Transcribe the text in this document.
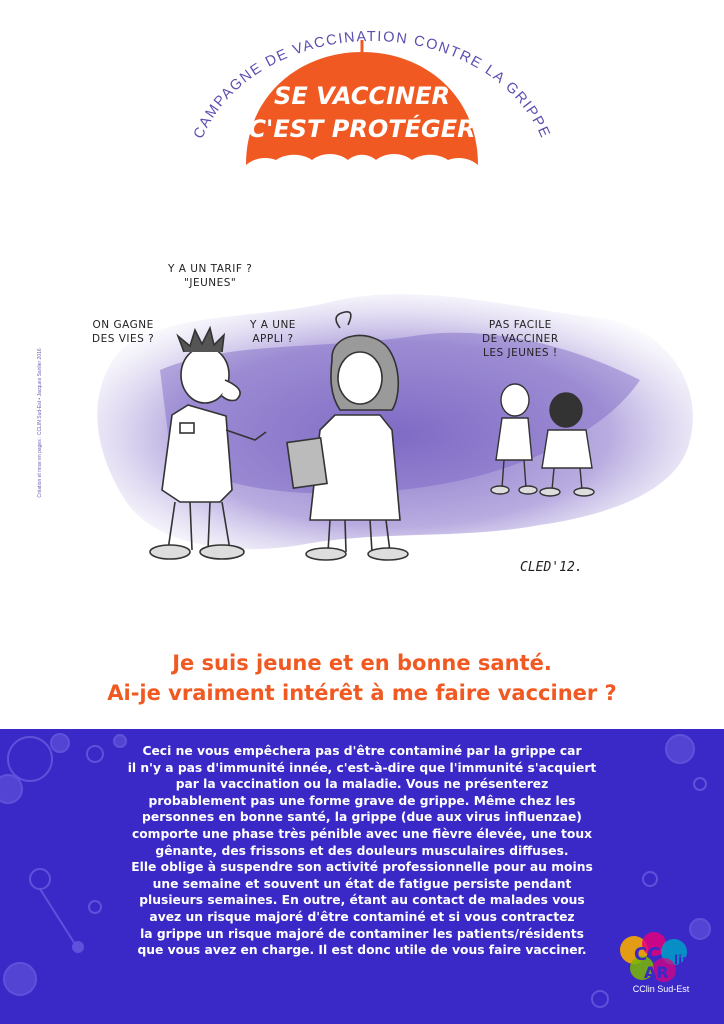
CAMPAGNE DE VACCINATION CONTRE LA GRIPPE
SE VACCINER
C'EST PROTÉGER
Création et mise en pages : CCLIN Sud-Est • Jacques Sanlier 2016
Y A UN TARIF ?
"JEUNES"
ON GAGNE
DES VIES ?
Y A UNE
APPLI ?
PAS FACILE
DE VACCINER
LES JEUNES !
CLED'12.
Je suis jeune et en bonne santé.
Ai-je vraiment intérêt à me faire vacciner ?
Ceci ne vous empêchera pas d'être contaminé par la grippe car
il n'y a pas d'immunité innée, c'est-à-dire que l'immunité s'acquiert
par la vaccination ou la maladie. Vous ne présenterez
probablement pas une forme grave de grippe. Même chez les
personnes en bonne santé, la grippe (due aux virus influenzae)
comporte une phase très pénible avec une fièvre élevée, une toux
gênante, des frissons et des douleurs musculaires diffuses.
Elle oblige à suspendre son activité professionnelle pour au moins
une semaine et souvent un état de fatigue persiste pendant
plusieurs semaines. En outre, étant au contact de malades vous
avez un risque majoré d'être contaminé et si vous contractez
la grippe un risque majoré de contaminer les patients/résidents
que vous avez en charge. Il est donc utile de vous faire vacciner.	CC
AR
lin
CClin Sud-Est
